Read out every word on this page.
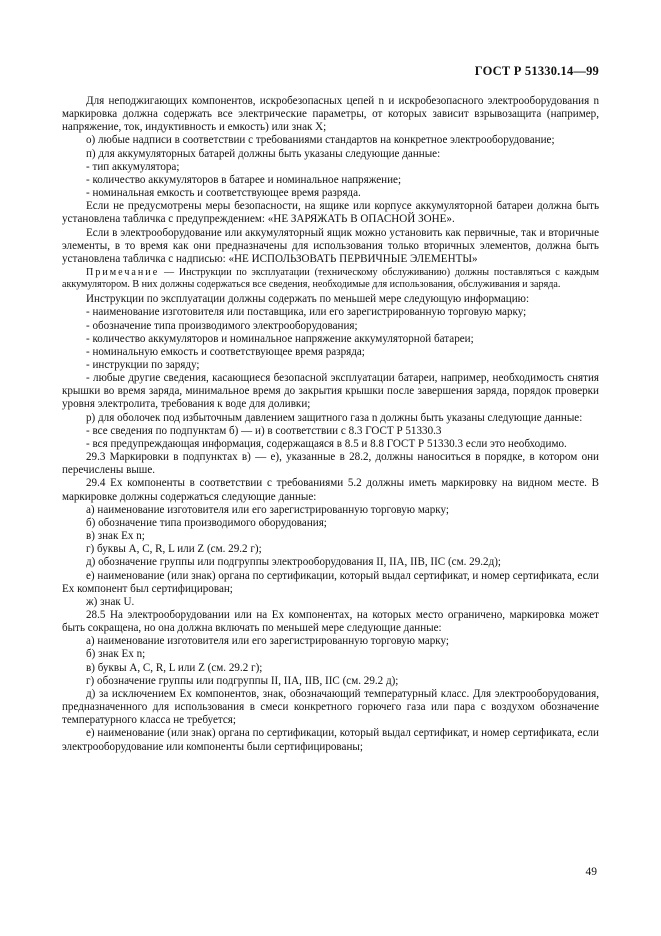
ГОСТ Р 51330.14—99

Для неподжигающих компонентов, искробезопасных цепей n и искробезопасного электрооборудования n маркировка должна содержать все электрические параметры, от которых зависит взрывозащита (например, напряжение, ток, индуктивность и емкость) или знак X;

о) любые надписи в соответствии с требованиями стандартов на конкретное электрооборудование;

п) для аккумуляторных батарей должны быть указаны следующие данные:

- тип аккумулятора;

- количество аккумуляторов в батарее и номинальное напряжение;

- номинальная емкость и соответствующее время разряда.

Если не предусмотрены меры безопасности, на ящике или корпусе аккумуляторной батареи должна быть установлена табличка с предупреждением: «НЕ ЗАРЯЖАТЬ В ОПАСНОЙ ЗОНЕ».

Если в электрооборудование или аккумуляторный ящик можно установить как первичные, так и вторичные элементы, в то время как они предназначены для использования только вторичных элементов, должна быть установлена табличка с надписью: «НЕ ИСПОЛЬЗОВАТЬ ПЕРВИЧНЫЕ ЭЛЕМЕНТЫ»

Примечание — Инструкции по эксплуатации (техническому обслуживанию) должны поставляться с каждым аккумулятором. В них должны содержаться все сведения, необходимые для использования, обслуживания и заряда.

Инструкции по эксплуатации должны содержать по меньшей мере следующую информацию:

- наименование изготовителя или поставщика, или его зарегистрированную торговую марку;

- обозначение типа производимого электрооборудования;

- количество аккумуляторов и номинальное напряжение аккумуляторной батареи;

- номинальную емкость и соответствующее время разряда;

- инструкции по заряду;

- любые другие сведения, касающиеся безопасной эксплуатации батареи, например, необходимость снятия крышки во время заряда, минимальное время до закрытия крышки после завершения заряда, порядок проверки уровня электролита, требования к воде для доливки;

р) для оболочек под избыточным давлением защитного газа n должны быть указаны следующие данные:

- все сведения по подпунктам б) — и) в соответствии с 8.3 ГОСТ Р 51330.3

- вся предупреждающая информация, содержащаяся в 8.5 и 8.8 ГОСТ Р 51330.3 если это необходимо.

29.3 Маркировки в подпунктах в) — е), указанные в 28.2, должны наноситься в порядке, в котором они перечислены выше.

29.4 Ex компоненты в соответствии с требованиями 5.2 должны иметь маркировку на видном месте. В маркировке должны содержаться следующие данные:

а) наименование изготовителя или его зарегистрированную торговую марку;

б) обозначение типа производимого оборудования;

в) знак Ex n;

г) буквы A, C, R, L или Z (см. 29.2 г);

д) обозначение группы или подгруппы электрооборудования II, IIA, IIB, IIC (см. 29.2д);

е) наименование (или знак) органа по сертификации, который выдал сертификат, и номер сертификата, если Ex компонент был сертифицирован;

ж) знак U.

28.5 На электрооборудовании или на Ex компонентах, на которых место ограничено, маркировка может быть сокращена, но она должна включать по меньшей мере следующие данные:

а) наименование изготовителя или его зарегистрированную торговую марку;

б) знак Ex n;

в) буквы A, C, R, L или Z (см. 29.2 г);

г) обозначение группы или подгруппы II, IIA, IIB, IIC (см. 29.2 д);

д) за исключением Ex компонентов, знак, обозначающий температурный класс. Для электрооборудования, предназначенного для использования в смеси конкретного горючего газа или пара с воздухом обозначение температурного класса не требуется;

е) наименование (или знак) органа по сертификации, который выдал сертификат, и номер сертификата, если электрооборудование или компоненты были сертифицированы;

49
